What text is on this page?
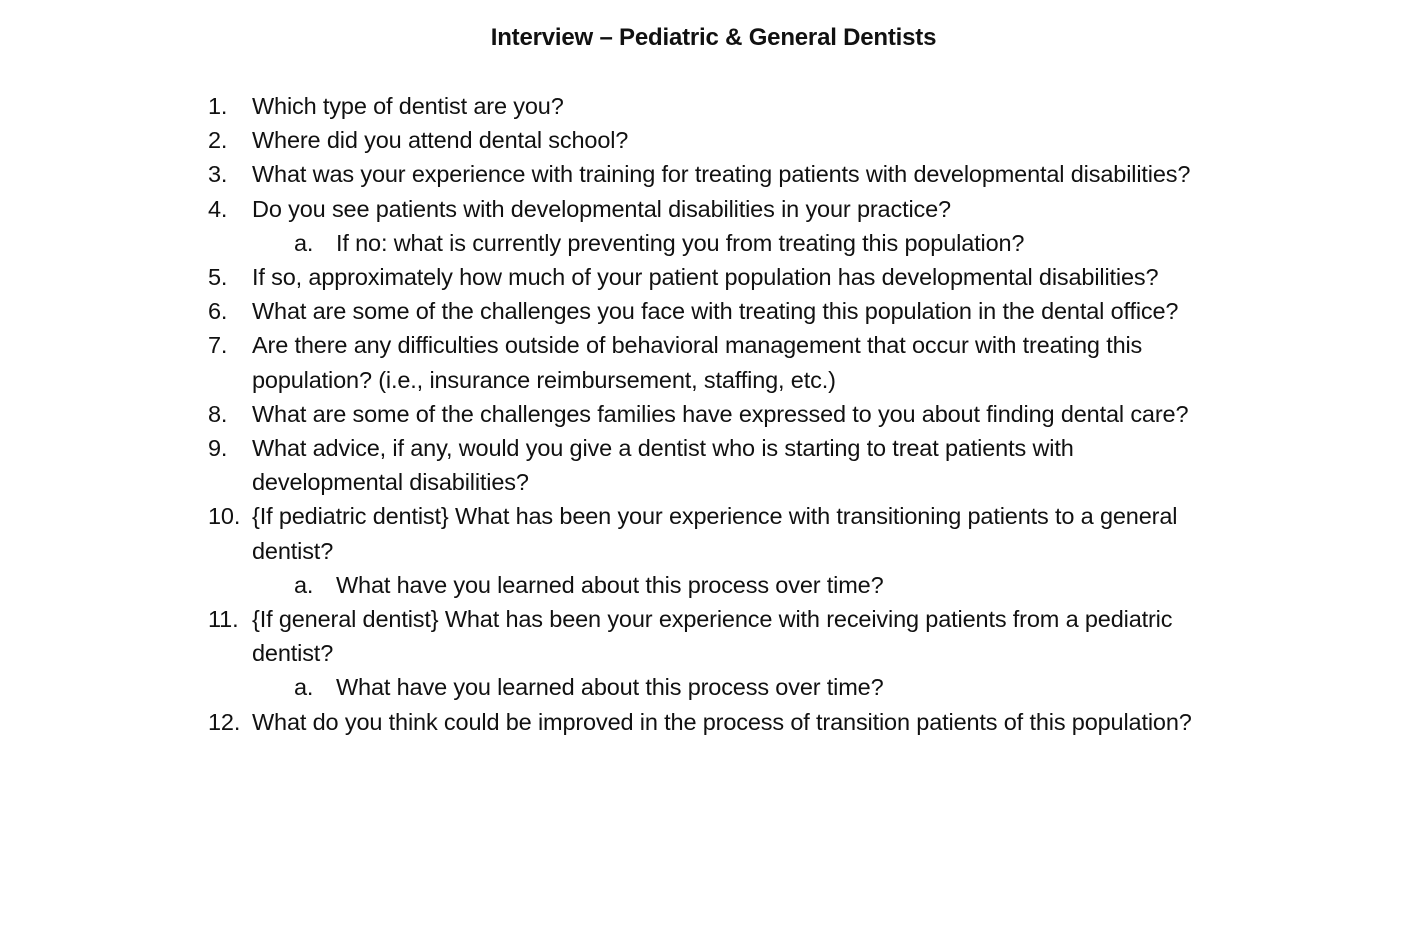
Interview – Pediatric & General Dentists
1.	Which type of dentist are you?
2.	Where did you attend dental school?
3.	What was your experience with training for treating patients with developmental disabilities?
4.	Do you see patients with developmental disabilities in your practice?
a. If no: what is currently preventing you from treating this population?
5.	If so, approximately how much of your patient population has developmental disabilities?
6.	What are some of the challenges you face with treating this population in the dental office?
7.	Are there any difficulties outside of behavioral management that occur with treating this population? (i.e., insurance reimbursement, staffing, etc.)
8.	What are some of the challenges families have expressed to you about finding dental care?
9.	What advice, if any, would you give a dentist who is starting to treat patients with developmental disabilities?
10. {If pediatric dentist} What has been your experience with transitioning patients to a general dentist?
a. What have you learned about this process over time?
11. {If general dentist} What has been your experience with receiving patients from a pediatric dentist?
a. What have you learned about this process over time?
12. What do you think could be improved in the process of transition patients of this population?
